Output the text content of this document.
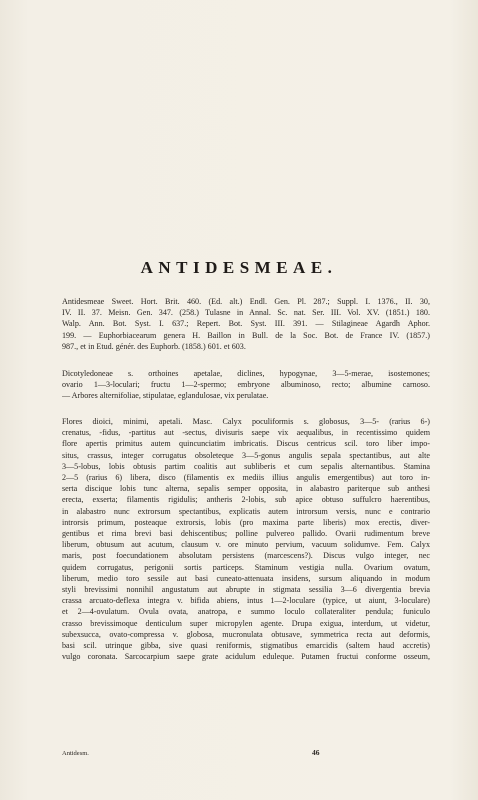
ANTIDESMEAE.
Antidesmeae Sweet. Hort. Brit. 460. (Ed. alt.) Endl. Gen. Pl. 287.; Suppl. I. 1376., II. 30,
IV. II. 37. Meisn. Gen. 347. (258.) Tulasne in Annal. Sc. nat. Ser. III. Vol. XV. (1851.) 180.
Walp. Ann. Bot. Syst. I. 637.; Repert. Bot. Syst. III. 391. — Stilagineae Agardh Aphor.
199. — Euphorbiacearum genera H. Baillon in Bull. de la Soc. Bot. de France IV. (1857.)
987., et in Etud. génér. des Euphorb. (1858.) 601. et 603.
Dicotyledoneae s. orthoines apetalae, diclines, hypogynae, 3—5-merae, isostemones;
ovario 1—3-loculari; fructu 1—2-spermo; embryone albuminoso, recto; albumine carnoso.
— Arbores alternifoliae, stipulatae, eglandulosae, vix perulatae.
Flores dioici, minimi, apetali. Masc. Calyx poculiformis s. globosus, 3—5- (rarius 6-)
crenatus, -fidus, -partitus aut -sectus, divisuris saepe vix aequalibus, in recentissimo quidem
flore apertis primitus autem quincunciatim imbricatis. Discus centricus scil. toro liber impo-
situs, crassus, integer corrugatus obsoleteque 3—5-gonus angulis sepala spectantibus, aut alte
3—5-lobus, lobis obtusis partim coalitis aut subliberis et cum sepalis alternantibus. Stamina
2—5 (rarius 6) libera, disco (filamentis ex mediis illius angulis emergentibus) aut toro in-
serta discique lobis tunc alterna, sepalis semper opposita, in alabastro pariterque sub anthesi
erecta, exserta; filamentis rigidulis; antheris 2-lobis, sub apice obtuso suffulcro haerentibus,
in alabastro nunc extrorsum spectantibus, explicatis autem introrsum versis, nunc e contrario
introrsis primum, posteaque extrorsis, lobis (pro maxima parte liberis) mox erectis, diver-
gentibus et rima brevi basi dehiscentibus; polline pulvereo pallido. Ovarii rudimentum breve
liberum, obtusum aut acutum, clausum v. ore minuto pervium, vacuum solidumve. Fem. Calyx
maris, post foecundationem absolutam persistens (marcescens?). Discus vulgo integer, nec
quidem corrugatus, perigonii sortis particeps. Staminum vestigia nulla. Ovarium ovatum,
liberum, medio toro sessile aut basi cuneato-attenuata insidens, sursum aliquando in modum
styli brevissimi nonnihil angustatum aut abrupte in stigmata sessilia 3—6 divergentia brevia
crassa arcuato-deflexa integra v. bifida abiens, intus 1—2-loculare (typice, ut aiunt, 3-loculare)
et 2—4-ovulatum. Ovula ovata, anatropa, e summo loculo collateraliter pendula; funiculo
crasso brevissimoque denticulum super micropylen agente. Drupa exigua, interdum, ut videtur,
subexsucca, ovato-compressa v. globosa, mucronulata obtusave, symmetrica recta aut deformis,
basi scil. utrinque gibba, sive quasi reniformis, stigmatibus emarcidis (saltem haud accretis)
vulgo coronata. Sarcocarpium saepe grate acidulum eduleque. Putamen fructui conforme osseum,
Antidesm.	46
